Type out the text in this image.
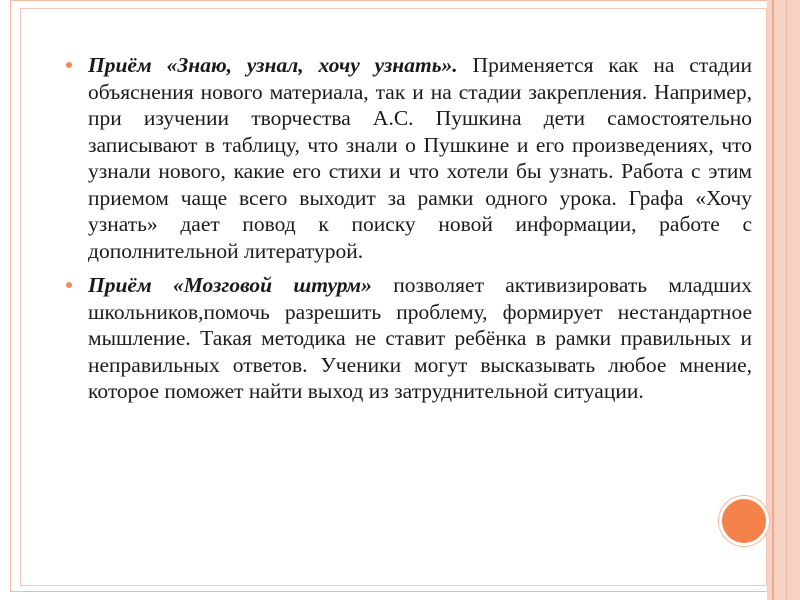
Приём «Знаю, узнал, хочу узнать». Применяется как на стадии объяснения нового материала, так и на стадии закрепления. Например, при изучении творчества А.С. Пушкина дети самостоятельно записывают в таблицу, что знали о Пушкине и его произведениях, что узнали нового, какие его стихи и что хотели бы узнать. Работа с этим приемом чаще всего выходит за рамки одного урока. Графа «Хочу узнать» дает повод к поиску новой информации, работе с дополнительной литературой.

Приём «Мозговой штурм» позволяет активизировать младших школьников,помочь разрешить проблему, формирует нестандартное мышление. Такая методика не ставит ребёнка в рамки правильных и неправильных ответов. Ученики могут высказывать любое мнение, которое поможет найти выход из затруднительной ситуации.
